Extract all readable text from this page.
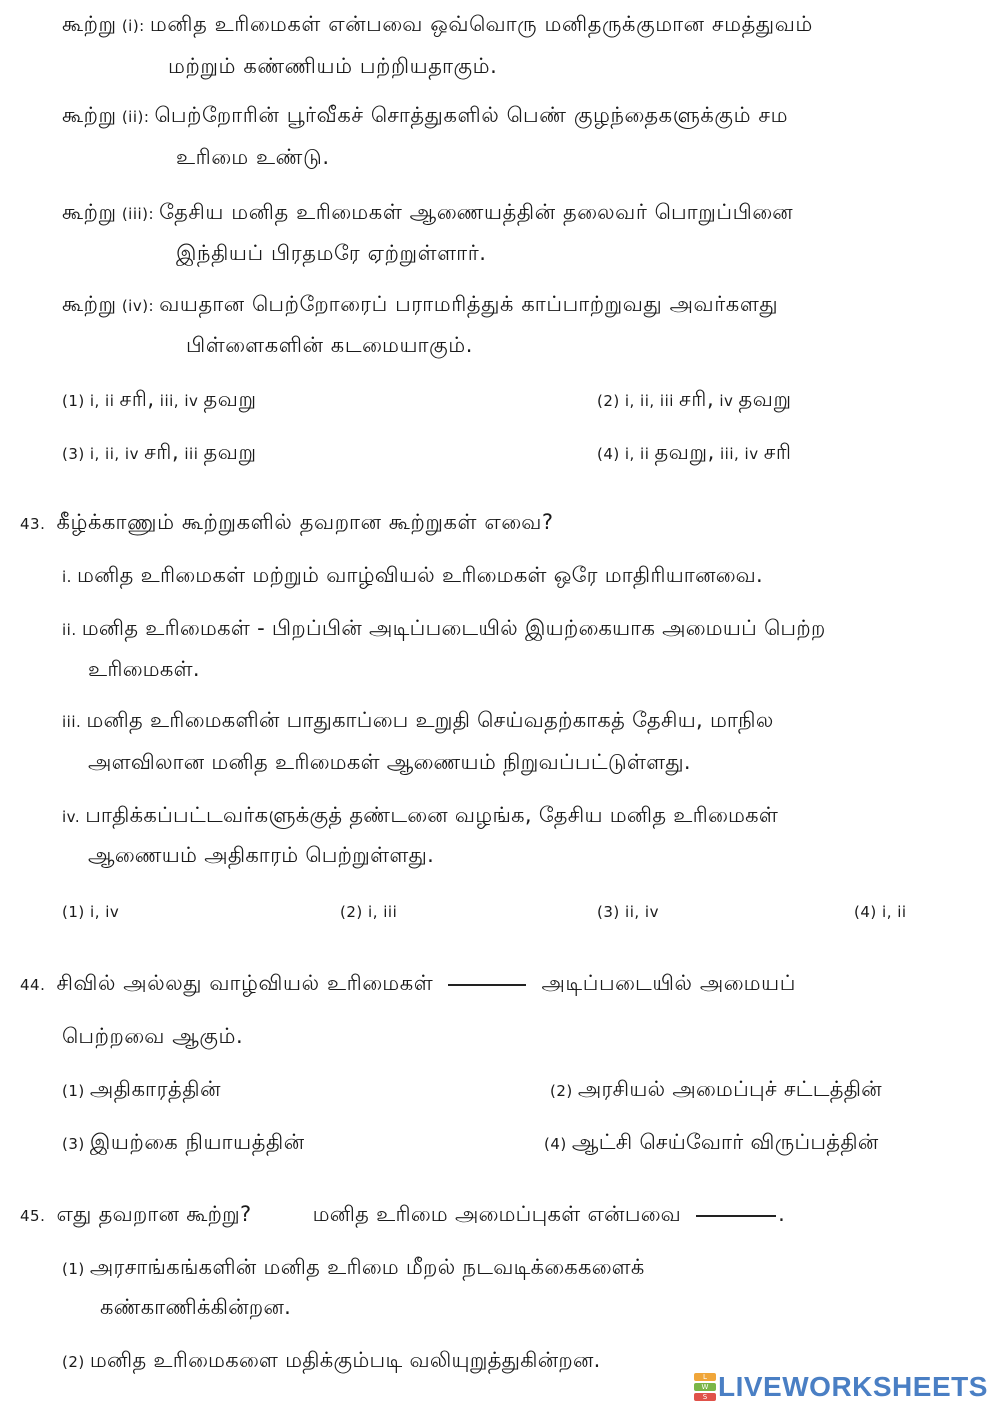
கூற்று (i): மனித உரிமைகள் என்பவை ஒவ்வொரு மனிதருக்குமான சமத்துவம்
மற்றும் கண்ணியம் பற்றியதாகும்.
கூற்று (ii): பெற்றோரின் பூர்வீகச் சொத்துகளில் பெண் குழந்தைகளுக்கும் சம
உரிமை உண்டு.
கூற்று (iii): தேசிய மனித உரிமைகள் ஆணையத்தின் தலைவர் பொறுப்பினை
இந்தியப் பிரதமரே ஏற்றுள்ளார்.
கூற்று (iv): வயதான பெற்றோரைப் பராமரித்துக் காப்பாற்றுவது அவர்களது
பிள்ளைகளின் கடமையாகும்.
(1) i, ii சரி, iii, iv தவறு	(2) i, ii, iii சரி, iv தவறு
(3) i, ii, iv சரி, iii தவறு	(4) i, ii தவறு, iii, iv சரி
43. கீழ்க்காணும் கூற்றுகளில் தவறான கூற்றுகள் எவை?
i. மனித உரிமைகள் மற்றும் வாழ்வியல் உரிமைகள் ஒரே மாதிரியானவை.
ii. மனித உரிமைகள் - பிறப்பின் அடிப்படையில் இயற்கையாக அமையப் பெற்ற
உரிமைகள்.
iii. மனித உரிமைகளின் பாதுகாப்பை உறுதி செய்வதற்காகத் தேசிய, மாநில
அளவிலான மனித உரிமைகள் ஆணையம் நிறுவப்பட்டுள்ளது.
iv. பாதிக்கப்பட்டவர்களுக்குத் தண்டனை வழங்க, தேசிய மனித உரிமைகள்
ஆணையம் அதிகாரம் பெற்றுள்ளது.
(1) i, iv	(2) i, iii	(3) ii, iv	(4) i, ii
44. சிவில் அல்லது வாழ்வியல் உரிமைகள்	அடிப்படையில் அமையப்
பெற்றவை ஆகும்.
(1) அதிகாரத்தின்	(2) அரசியல் அமைப்புச் சட்டத்தின்
(3) இயற்கை நியாயத்தின்	(4) ஆட்சி செய்வோர் விருப்பத்தின்
45. எது தவறான கூற்று?	மனித உரிமை அமைப்புகள் என்பவை	.
(1) அரசாங்கங்களின் மனித உரிமை மீறல் நடவடிக்கைகளைக்
கண்காணிக்கின்றன.
(2) மனித உரிமைகளை மதிக்கும்படி வலியுறுத்துகின்றன.
L
W
S LIVEWORKSHEETS
